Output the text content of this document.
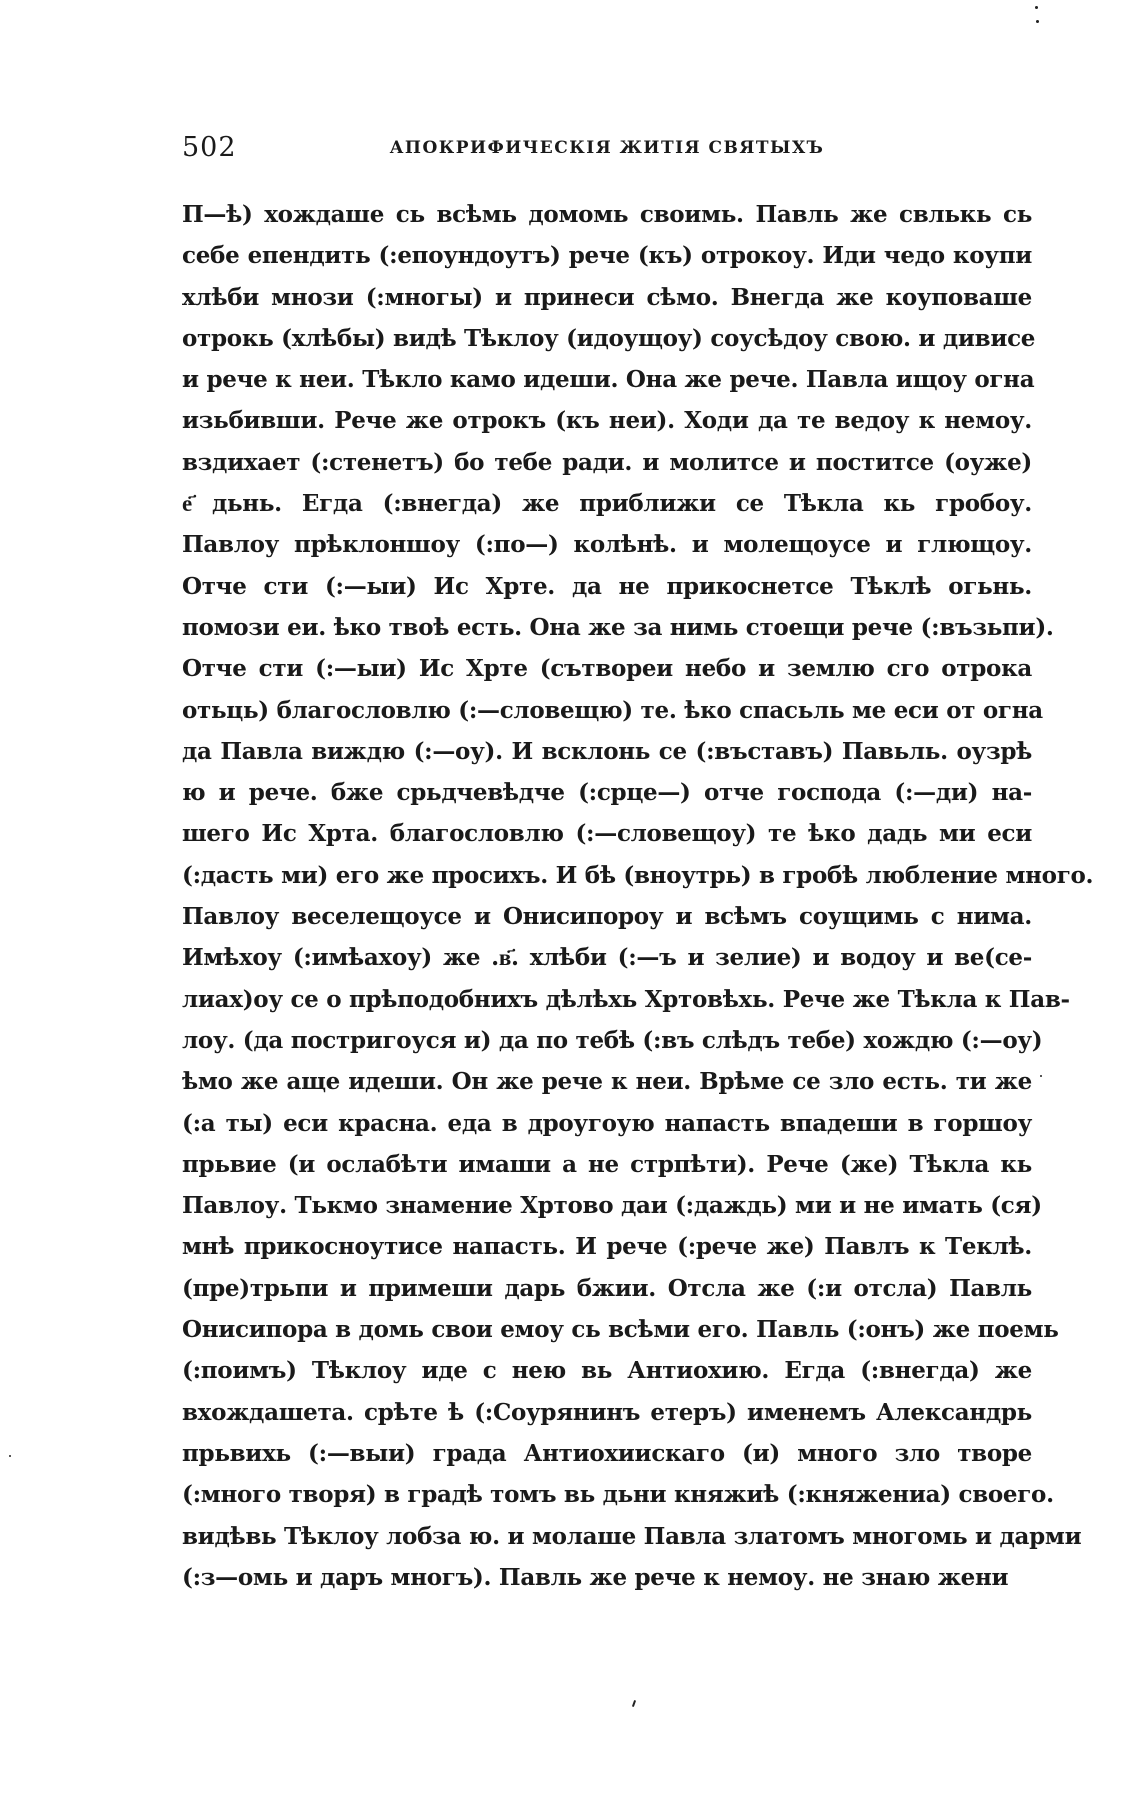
502	АПОКРИФИЧЕСКІЯ ЖИТІЯ СВЯТЫХЪ
П—ѣ) хождаше сь всѣмь домомь своимь. Павль же свлькь сь
себе епендить (:епоундоутъ) рече (къ) отрокоу. Иди чедо коупи
хлѣби мнози (:многы) и принеси сѣмо. Внегда же коуповаше
отрокь (хлѣбы) видѣ Тѣклоу (идоущоу) соусѣдоу свою. и дивисе
и рече к неи. Тѣкло камо идеши. Она же рече. Павла ищоу огна
изьбивши. Рече же отрокъ (къ неи). Ходи да те ведоу к немоу.
вздихает (:стенетъ) бо тебе ради. и молитсе и поститсе (оуже)
е҃ дьнь. Егда (:внегда) же приближи се Тѣкла кь гробоу.
Павлоу прѣклоншоу (:по—) колѣнѣ. и молещоусе и глющоу.
Отче сти (:—ыи) Ис Хрте. да не прикоснетсе Тѣклѣ огьнь.
помози еи. ѣко твоѣ есть. Она же за нимь стоещи рече (:възьпи).
Отче сти (:—ыи) Ис Хрте (сътвореи небо и землю сго отрока
отьць) благословлю (:—словещю) те. ѣко спасьль ме еси от огна
да Павла виждю (:—оу). И всклонь се (:въставъ) Павьль. оузрѣ
ю и рече. бже срьдчевѣдче (:срце—) отче господа (:—ди) на-
шего Ис Хрта. благословлю (:—словещоу) те ѣко дадь ми еси
(:дасть ми) его же просихъ. И бѣ (вноутрь) в гробѣ любление много.
Павлоу веселещоусе и Онисипороу и всѣмъ соущимь с нима.
Имѣхоу (:имѣахоу) же .в҃. хлѣби (:—ъ и зелие) и водоу и ве(се-
лиах)оу се о прѣподобнихъ дѣлѣхь Хртовѣхь. Рече же Тѣкла к Пав-
лоу. (да постригоуся и) да по тебѣ (:въ слѣдъ тебе) хождю (:—оу)
ѣмо же аще идеши. Он же рече к неи. Врѣме се зло есть. ти же
(:а ты) еси красна. еда в дроугоую напасть впадеши в горшоу
прьвие (и ослабѣти имаши а не стрпѣти). Рече (же) Тѣкла кь
Павлоу. Тькмо знамение Хртово даи (:даждь) ми и не имать (ся)
мнѣ прикосноутисе напасть. И рече (:рече же) Павлъ к Теклѣ.
(пре)трьпи и примеши дарь бжии. Отсла же (:и отсла) Павль
Онисипора в домь свои емоу сь всѣми его. Павль (:онъ) же поемь
(:поимъ) Тѣклоу иде с нею вь Антиохию. Егда (:внегда) же
вхождашета. срѣте ѣ (:Соурянинъ етеръ) именемъ Александрь
прьвихь (:—выи) града Антиохиискаго (и) много зло творе
(:много творя) в градѣ томъ вь дьни княжиѣ (:княжениа) своего.
видѣвь Тѣклоу лобза ю. и молаше Павла златомъ многомь и дарми
(:з—омь и даръ многъ). Павль же рече к немоу. не знаю жени
